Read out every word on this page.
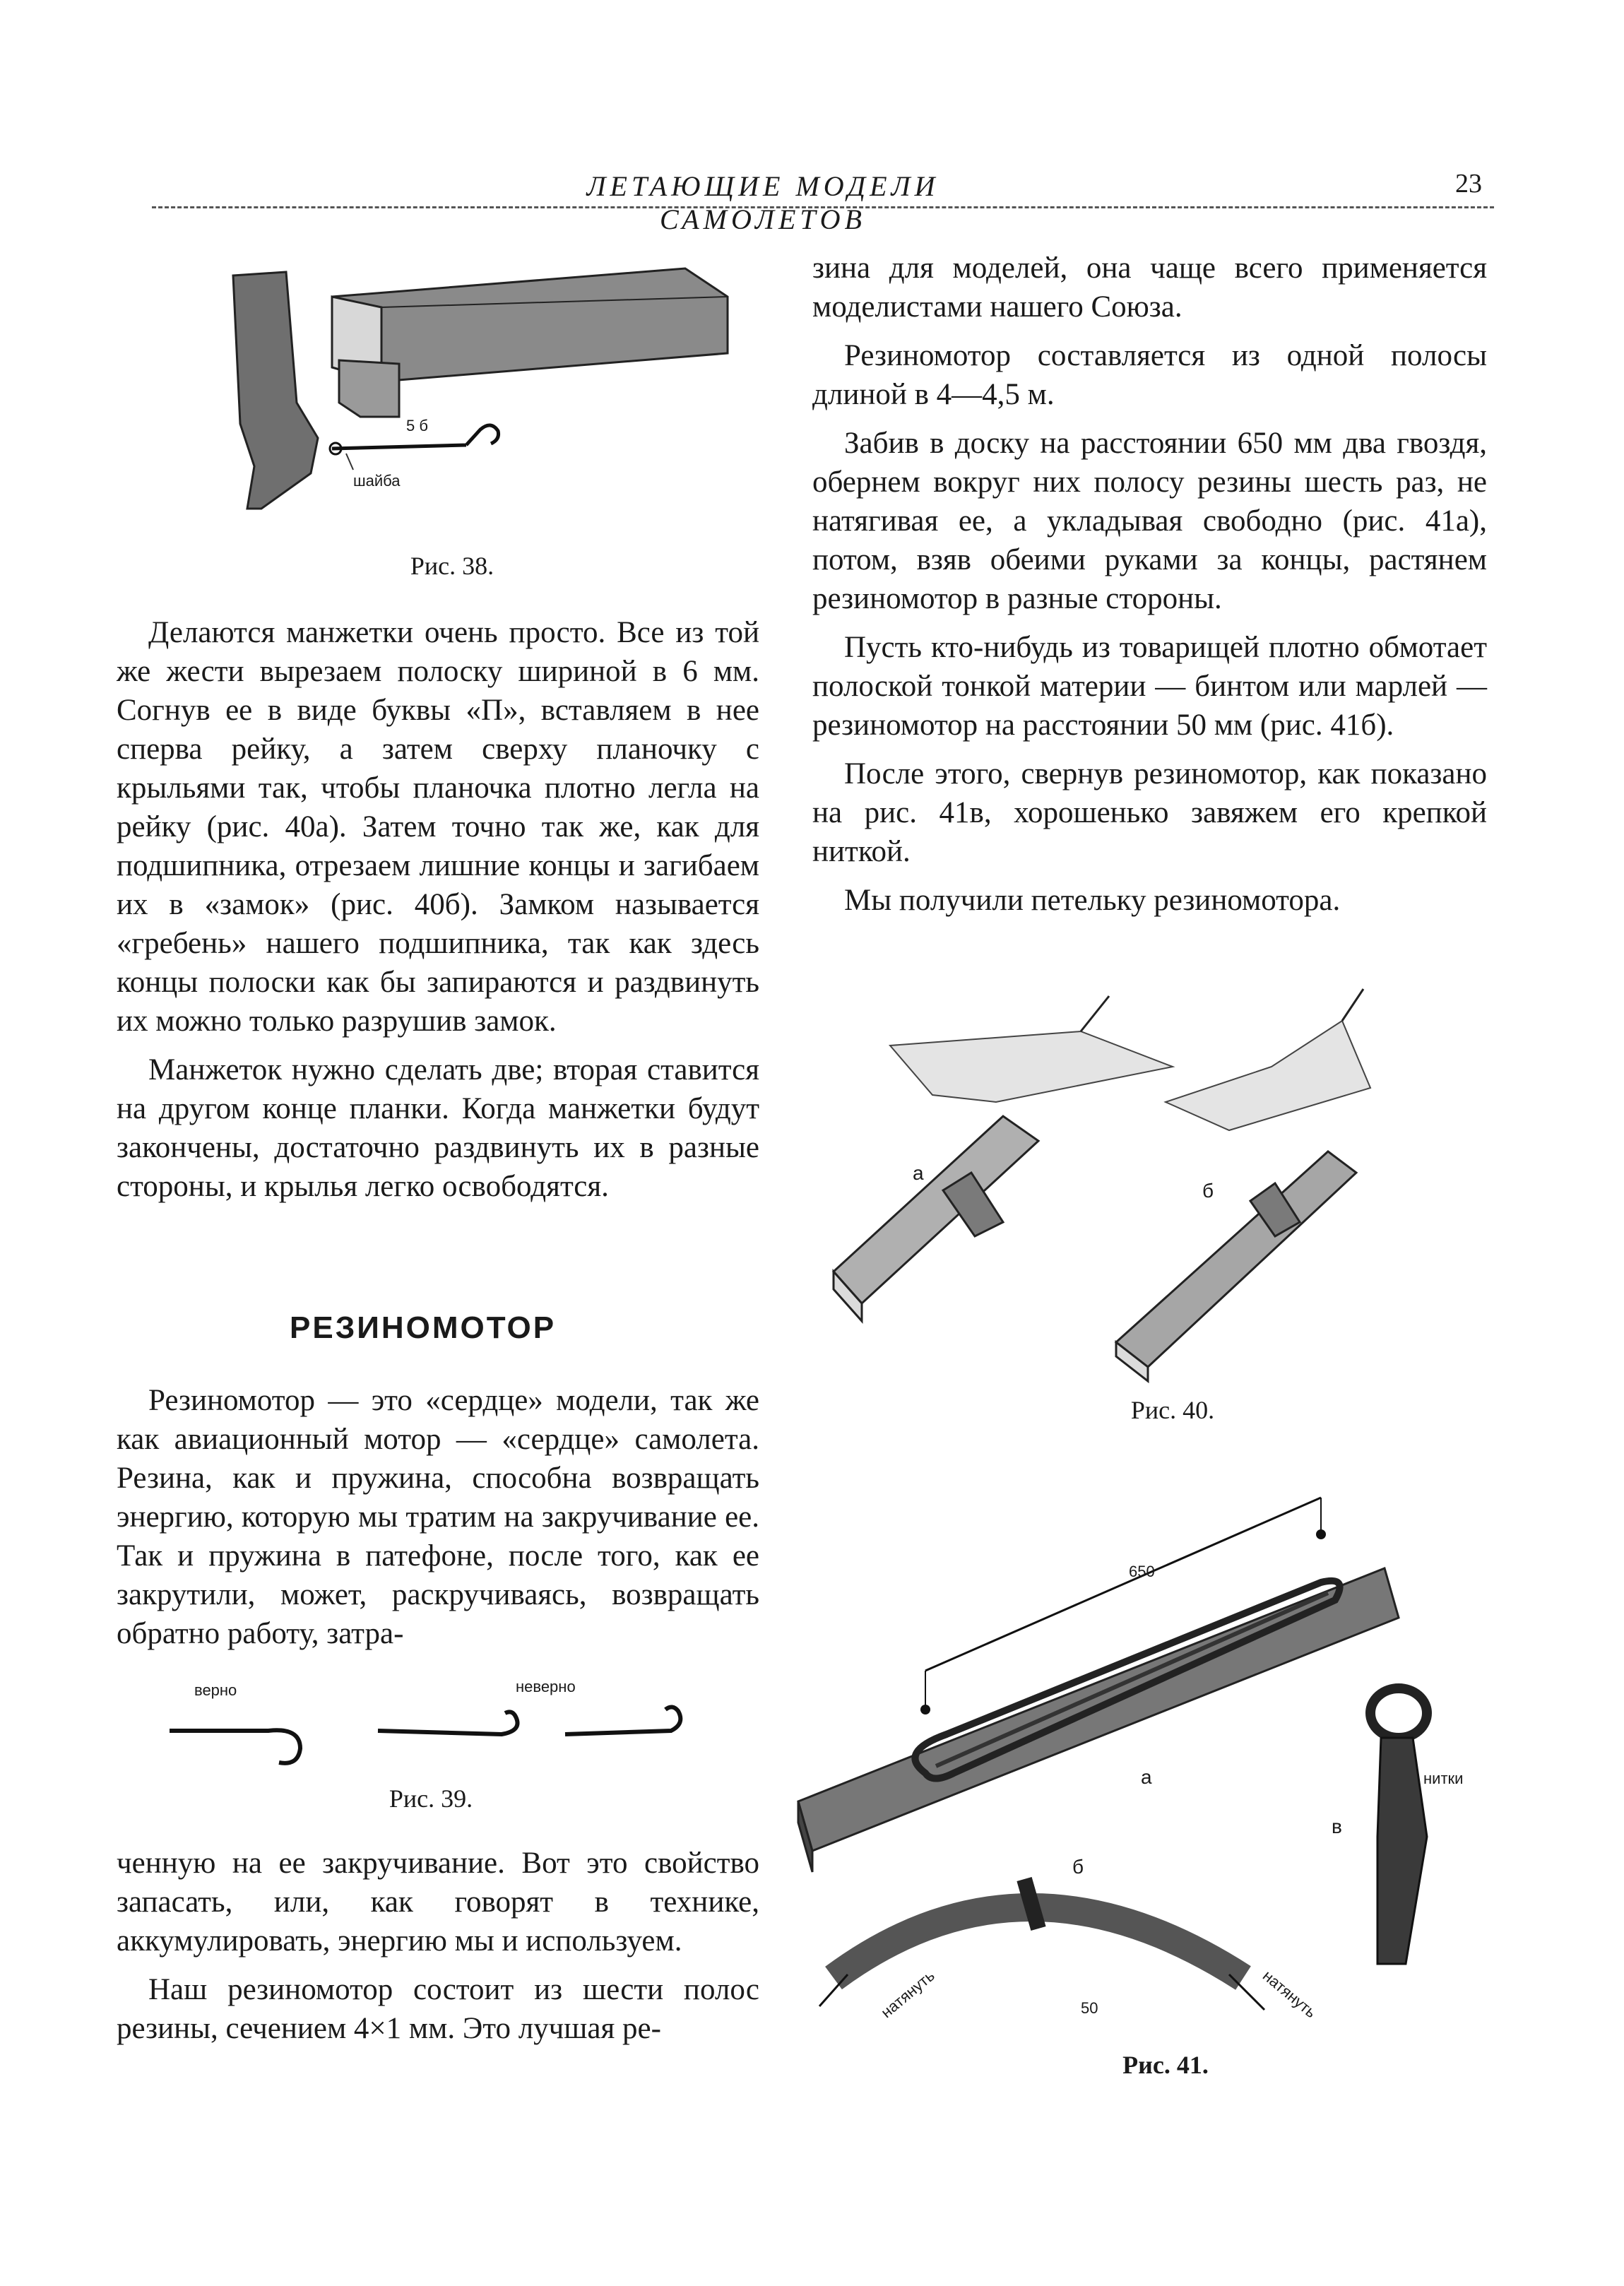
ЛЕТАЮЩИЕ МОДЕЛИ САМОЛЕТОВ
23
5 б
шайба
Рис. 38.

Делаются манжетки очень просто. Все из той же жести вырезаем полоску шириной в 6 мм. Согнув ее в виде буквы «П», вставляем в нее сперва рейку, а затем сверху планочку с крыльями так, чтобы планочка плотно легла на рейку (рис. 40а). Затем точно так же, как для подшипника, отрезаем лишние концы и загибаем их в «замок» (рис. 40б). Замком называется «гребень» нашего подшипника, так как здесь концы полоски как бы запираются и раздвинуть их можно только разрушив замок.

Манжеток нужно сделать две; вторая ставится на другом конце планки. Когда манжетки будут закончены, достаточно раздвинуть их в разные стороны, и крылья легко освободятся.

РЕЗИНОМОТОР

Резиномотор — это «сердце» модели, так же как авиационный мотор — «сердце» самолета. Резина, как и пружина, способна возвращать энергию, которую мы тратим на закручивание ее. Так и пружина в патефоне, после того, как ее закрутили, может, раскручиваясь, возвращать обратно работу, затра-

верно	неверно
Рис. 39.

ченную на ее закручивание. Вот это свойство запасать, или, как говорят в технике, аккумулировать, энергию мы и используем.

Наш резиномотор состоит из шести полос резины, сечением 4×1 мм. Это лучшая ре-

зина для моделей, она чаще всего применяется моделистами нашего Союза.

Резиномотор составляется из одной полосы длиной в 4—4,5 м.

Забив в доску на расстоянии 650 мм два гвоздя, обернем вокруг них полосу резины шесть раз, не натягивая ее, а укладывая свободно (рис. 41а), потом, взяв обеими руками за концы, растянем резиномотор в разные стороны.

Пусть кто-нибудь из товарищей плотно обмотает полоской тонкой материи — бинтом или марлей — резиномотор на расстоянии 50 мм (рис. 41б).

После этого, свернув резиномотор, как показано на рис. 41в, хорошенько завяжем его крепкой ниткой.

Мы получили петельку резиномотора.

а
б
Рис. 40.
650
а
б
в
нитки
натянуть	натянуть
50
Рис. 41.
